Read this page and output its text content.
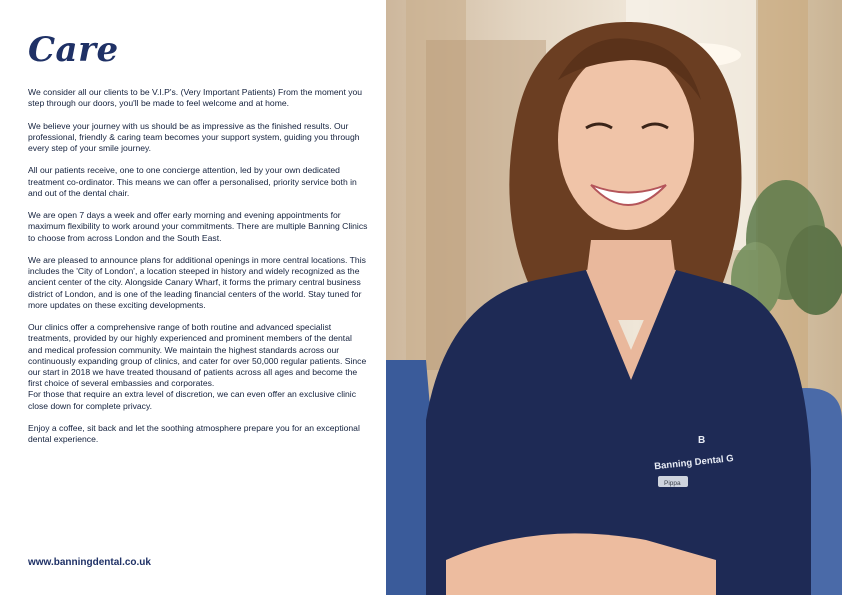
Care

We consider all our clients to be V.I.P's. (Very Important Patients) From the moment you step through our doors, you'll be made to feel welcome and at home.

We believe your journey with us should be as impressive as the finished results. Our professional, friendly & caring team becomes your support system, guiding you through every step of your smile journey.

All our patients receive, one to one concierge attention, led by your own dedicated treatment co-ordinator. This means we can offer a personalised, priority service both in and out of the dental chair.

We are open 7 days a week and offer early morning and evening appointments for maximum flexibility to work around your commitments. There are multiple Banning Clinics to choose from across London and the South East.

We are pleased to announce plans for additional openings in more central locations. This includes the 'City of London', a location steeped in history and widely recognized as the ancient center of the city. Alongside Canary Wharf, it forms the primary central business district of London, and is one of the leading financial centers of the world. Stay tuned for more updates on these exciting developments.

Our clinics offer a comprehensive range of both routine and advanced specialist treatments, provided by our highly experienced and prominent members of the dental and medical profession community. We maintain the highest standards across our continuously expanding group of clinics, and cater for over 50,000 regular patients. Since our start in 2018 we have treated thousand of patients across all ages and become the first choice of several embassies and corporates.

For those that require an extra level of discretion, we can even offer an exclusive clinic close down for complete privacy.

Enjoy a coffee, sit back and let the soothing atmosphere prepare you for an exceptional dental experience.

www.banningdental.co.uk

B
Banning Dental G
Pippa
